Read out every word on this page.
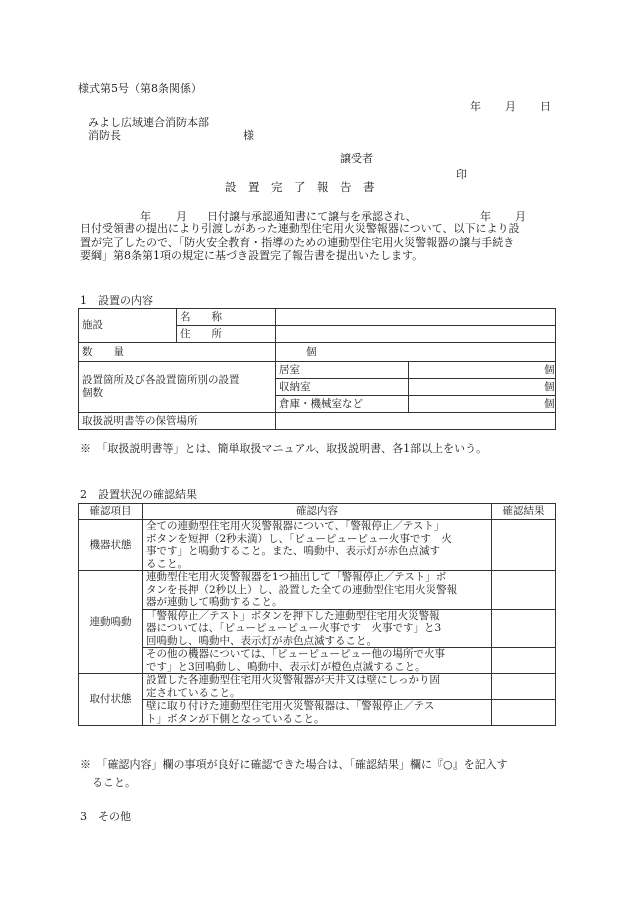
様式第5号（第8条関係）
年 月 日
みよし広域連合消防本部
消防長	様
譲受者
印
設　置　完　了　報　告　書
年 月 日付譲与承認通知書にて譲与を承認され、	年 月
日付受領書の提出により引渡しがあった連動型住宅用火災警報器について、以下により設
置が完了したので、「防火安全教育・指導のための連動型住宅用火災警報器の譲与手続き
要綱」第8条第1項の規定に基づき設置完了報告書を提出いたします。
1　設置の内容
施設	名　　称		
	住　　所		
数　　量		個	

設置箇所及び各設置箇所別の設置
個数		居室	個
		収納室	個
		倉庫・機械室など	個
取扱説明書等の保管場所			
※　「取扱説明書等」とは、簡単取扱マニュアル、取扱説明書、各1部以上をいう。
2　設置状況の確認結果
確認項目	確認内容	確認結果
機器状態	全ての連動型住宅用火災警報器について、「警報停止／テスト」
ボタンを短押（2秒未満）し、「ピューピューピュー火事です　火
事です」と鳴動すること。また、鳴動中、表示灯が赤色点滅す
ること。	

連動鳴動	連動型住宅用火災警報器を1つ抽出して「警報停止／テスト」ボ
タンを長押（2秒以上）し、設置した全ての連動型住宅用火災警報
器が連動して鳴動すること。	

	「警報停止／テスト」ボタンを押下した連動型住宅用火災警報
器については、「ピューピューピュー火事です　火事です」と3
回鳴動し、鳴動中、表示灯が赤色点滅すること。	

	その他の機器については、「ピューピューピュー他の場所で火事
です」と3回鳴動し、鳴動中、表示灯が橙色点滅すること。	

取付状態	設置した各連動型住宅用火災警報器が天井又は壁にしっかり固
定されていること。	

	壁に取り付けた連動型住宅用火災警報器は、「警報停止／テス
ト」ボタンが下側となっていること。	

※　「確認内容」欄の事項が良好に確認できた場合は、「確認結果」欄に『○』を記入す
ること。
3　その他
